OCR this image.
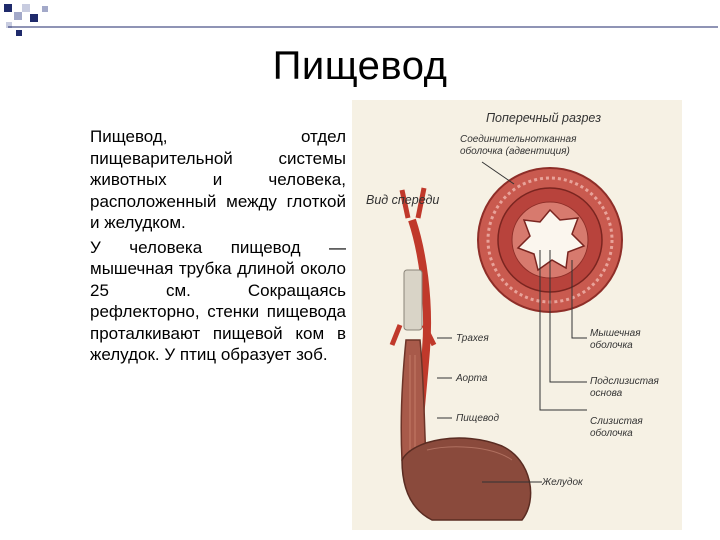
Пищевод

Пищевод, отдел пищеварительной системы животных и человека, расположенный между глоткой и желудком.

У человека пищевод — мышечная трубка длиной около 25 см. Сокращаясь рефлекторно, стенки пищевода проталкивают пищевой ком в желудок. У птиц образует зоб.

Поперечный разрез
Соединительнотканная
оболочка (адвентиция)
Вид спереди
Трахея
Аорта
Пищевод
Желудок
Мышечная
оболочка
Подслизистая
основа
Слизистая
оболочка
